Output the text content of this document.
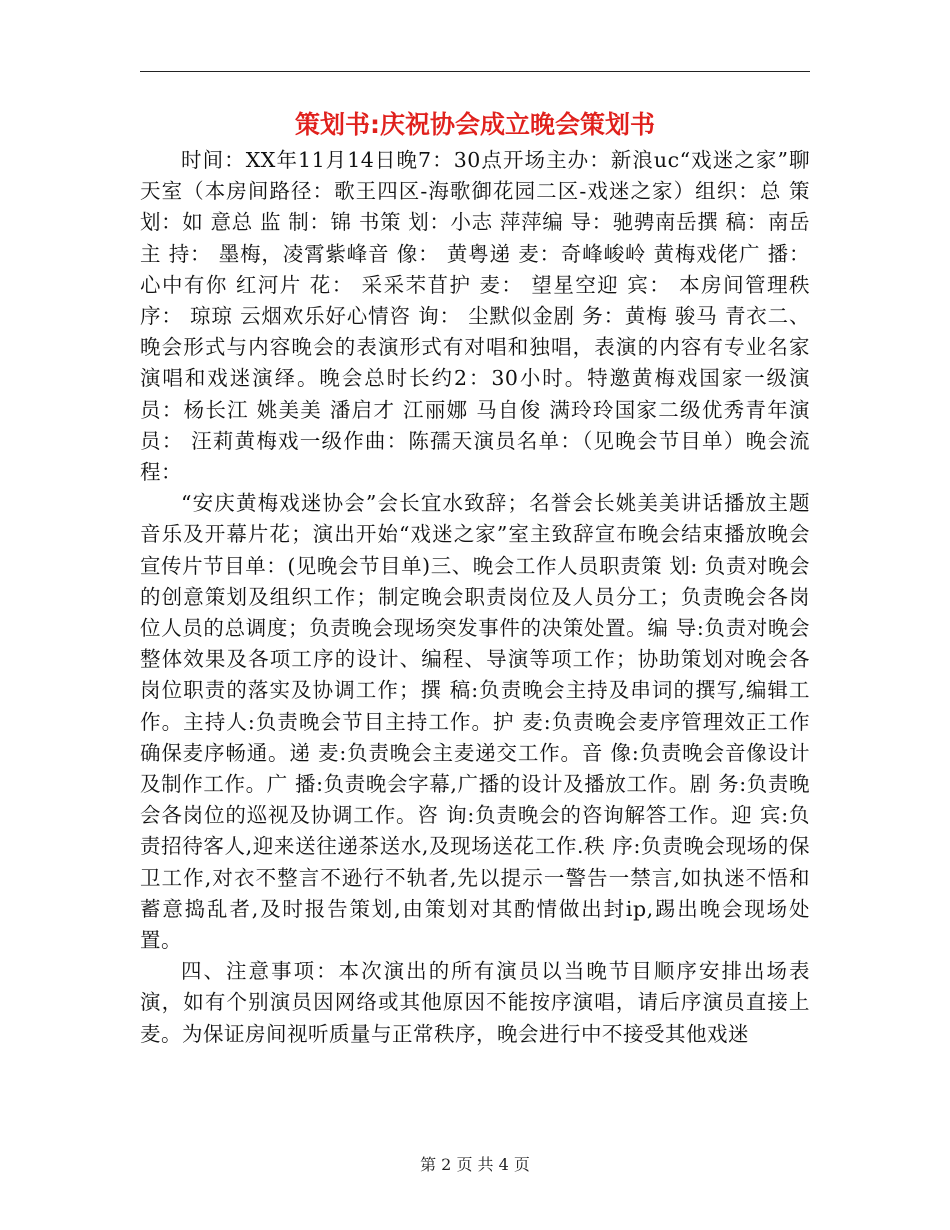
策划书:庆祝协会成立晚会策划书

时间：XX年11月14日晚7：30点开场主办：新浪uc“戏迷之家”聊天室（本房间路径：歌王四区-海歌御花园二区-戏迷之家）组织：总 策 划：如 意总 监 制：锦 书策 划：小志 萍萍编 导：驰骋南岳撰 稿：南岳主 持： 墨梅，凌霄紫峰音 像： 黄粤递 麦：奇峰峻岭 黄梅戏佬广 播：心中有你 红河片 花： 采采芣苜护 麦： 望星空迎 宾： 本房间管理秩 序： 琼琼 云烟欢乐好心情咨 询： 尘默似金剧 务：黄梅 骏马 青衣二、晚会形式与内容晚会的表演形式有对唱和独唱，表演的内容有专业名家演唱和戏迷演绎。晚会总时长约2：30小时。特邀黄梅戏国家一级演员：杨长江 姚美美 潘启才 江丽娜 马自俊 满玲玲国家二级优秀青年演员： 汪莉黄梅戏一级作曲：陈孺天演员名单：（见晚会节目单）晚会流程：

“安庆黄梅戏迷协会”会长宜水致辞；名誉会长姚美美讲话播放主题音乐及开幕片花；演出开始“戏迷之家”室主致辞宣布晚会结束播放晚会宣传片节目单：(见晚会节目单)三、晚会工作人员职责策 划: 负责对晚会的创意策划及组织工作；制定晚会职责岗位及人员分工；负责晚会各岗位人员的总调度；负责晚会现场突发事件的决策处置。编 导:负责对晚会整体效果及各项工序的设计、编程、导演等项工作；协助策划对晚会各岗位职责的落实及协调工作；撰 稿:负责晚会主持及串词的撰写,编辑工作。主持人:负责晚会节目主持工作。护 麦:负责晚会麦序管理效正工作确保麦序畅通。递 麦:负责晚会主麦递交工作。音 像:负责晚会音像设计及制作工作。广 播:负责晚会字幕,广播的设计及播放工作。剧 务:负责晚会各岗位的巡视及协调工作。咨 询:负责晚会的咨询解答工作。迎 宾:负责招待客人,迎来送往递茶送水,及现场送花工作.秩 序:负责晚会现场的保卫工作,对衣不整言不逊行不轨者,先以提示一警告一禁言,如执迷不悟和蓄意捣乱者,及时报告策划,由策划对其酌情做出封ip,踢出晚会现场处置。

四、注意事项：本次演出的所有演员以当晚节目顺序安排出场表演，如有个别演员因网络或其他原因不能按序演唱，请后序演员直接上麦。为保证房间视听质量与正常秩序，晚会进行中不接受其他戏迷

第 2 页 共 4 页
